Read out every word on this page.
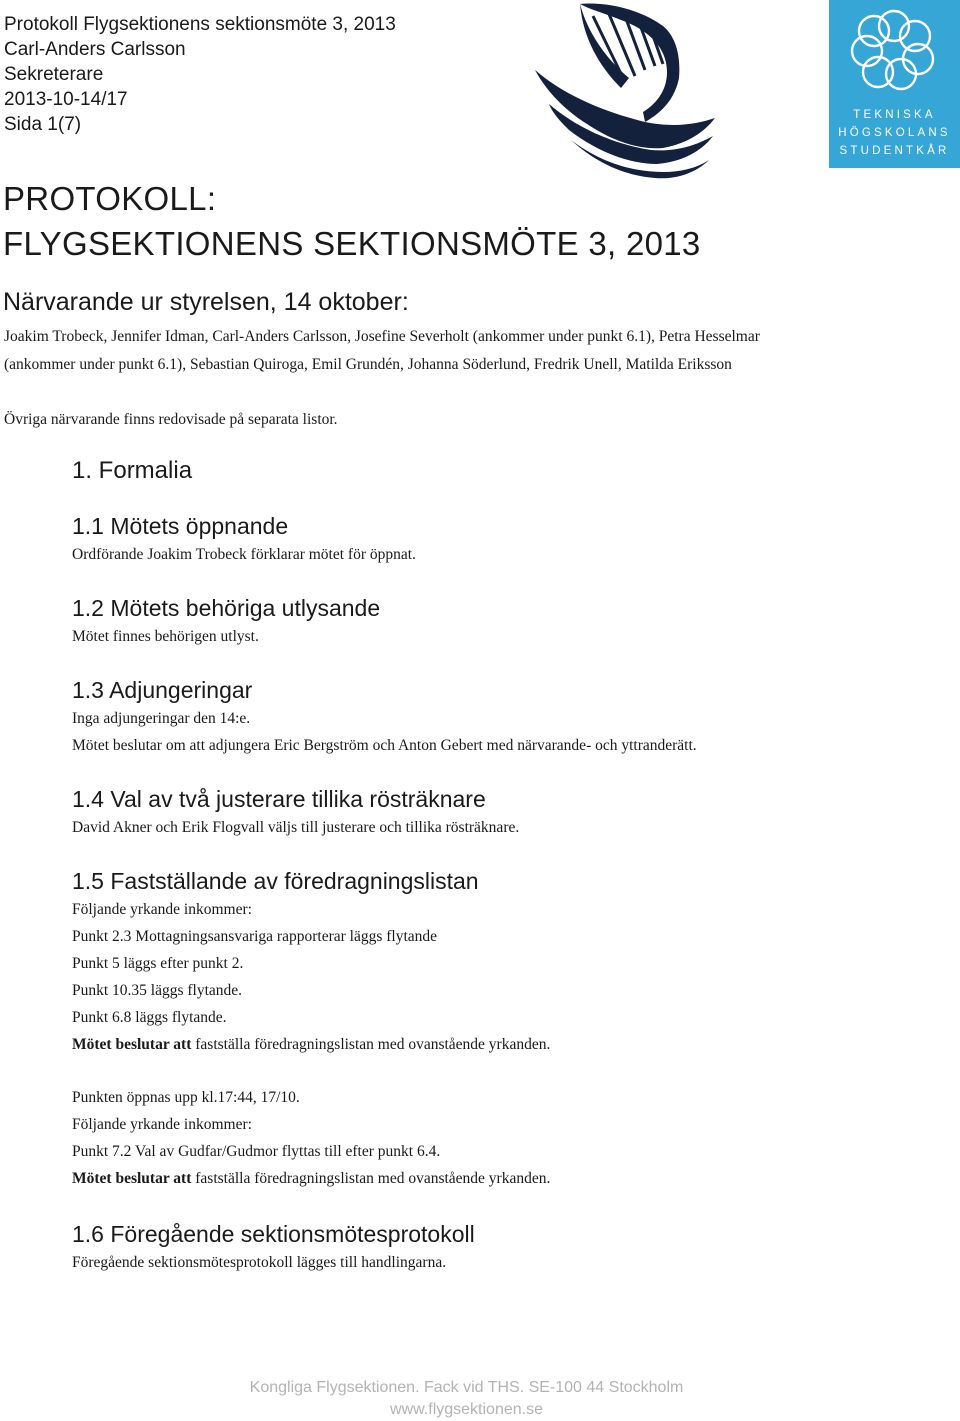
Protokoll Flygsektionens sektionsmöte 3, 2013
Carl-Anders Carlsson
Sekreterare
2013-10-14/17
Sida 1(7)	TEKNISKA
HÖGSKOLANS
STUDENTKÅR
PROTOKOLL:
FLYGSEKTIONENS SEKTIONSMÖTE 3, 2013
Närvarande ur styrelsen, 14 oktober:
Joakim Trobeck, Jennifer Idman, Carl-Anders Carlsson, Josefine Severholt (ankommer under punkt 6.1), Petra Hesselmar
(ankommer under punkt 6.1), Sebastian Quiroga, Emil Grundén, Johanna Söderlund, Fredrik Unell, Matilda Eriksson
Övriga närvarande finns redovisade på separata listor.
1. Formalia
1.1 Mötets öppnande
Ordförande Joakim Trobeck förklarar mötet för öppnat.
1.2 Mötets behöriga utlysande
Mötet finnes behörigen utlyst.
1.3 Adjungeringar
Inga adjungeringar den 14:e.
Mötet beslutar om att adjungera Eric Bergström och Anton Gebert med närvarande- och yttranderätt.
1.4 Val av två justerare tillika rösträknare
David Akner och Erik Flogvall väljs till justerare och tillika rösträknare.
1.5 Fastställande av föredragningslistan
Följande yrkande inkommer:
Punkt 2.3 Mottagningsansvariga rapporterar läggs flytande
Punkt 5 läggs efter punkt 2.
Punkt 10.35 läggs flytande.
Punkt 6.8 läggs flytande.
Mötet beslutar att fastställa föredragningslistan med ovanstående yrkanden.
Punkten öppnas upp kl.17:44, 17/10.
Följande yrkande inkommer:
Punkt 7.2 Val av Gudfar/Gudmor flyttas till efter punkt 6.4.
Mötet beslutar att fastställa föredragningslistan med ovanstående yrkanden.
1.6 Föregående sektionsmötesprotokoll
Föregående sektionsmötesprotokoll lägges till handlingarna.
Kongliga Flygsektionen. Fack vid THS. SE-100 44 Stockholm
www.flygsektionen.se
